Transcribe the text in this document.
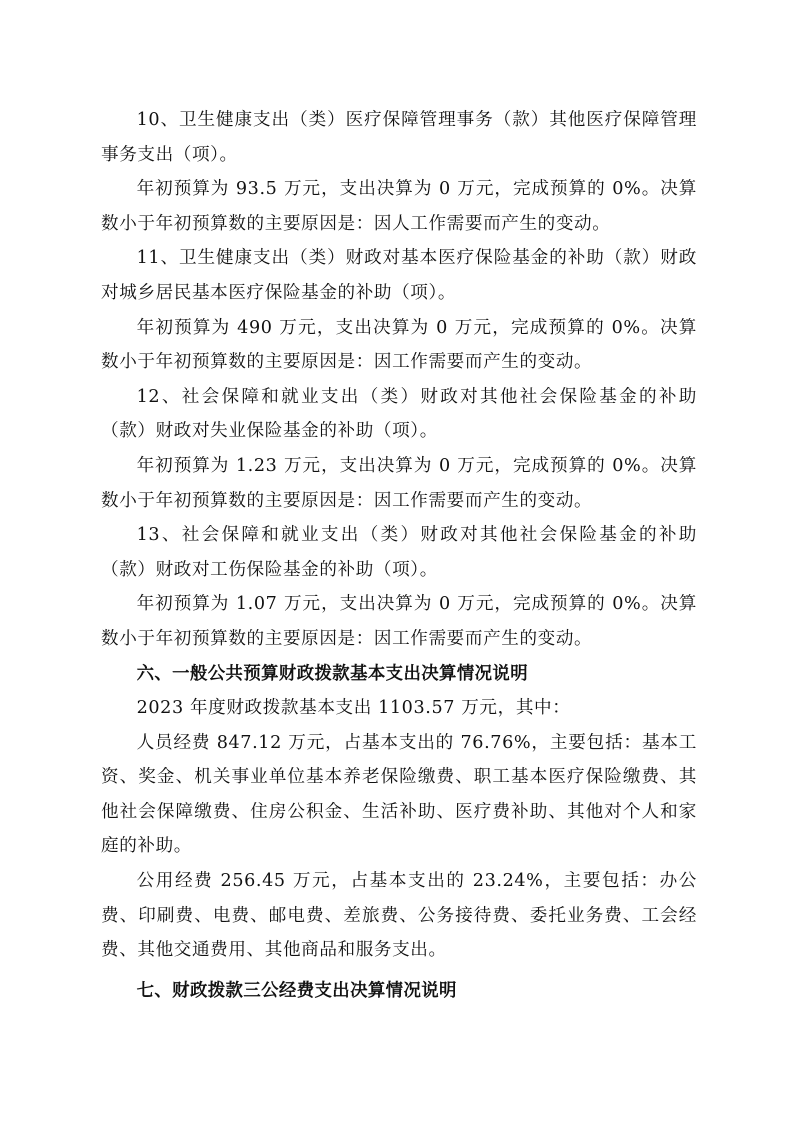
10、卫生健康支出（类）医疗保障管理事务（款）其他医疗保障管理事务支出（项）。

年初预算为 93.5 万元，支出决算为 0 万元，完成预算的 0%。决算数小于年初预算数的主要原因是：因人工作需要而产生的变动。

11、卫生健康支出（类）财政对基本医疗保险基金的补助（款）财政对城乡居民基本医疗保险基金的补助（项）。

年初预算为 490 万元，支出决算为 0 万元，完成预算的 0%。决算数小于年初预算数的主要原因是：因工作需要而产生的变动。

12、社会保障和就业支出（类）财政对其他社会保险基金的补助（款）财政对失业保险基金的补助（项）。

年初预算为 1.23 万元，支出决算为 0 万元，完成预算的 0%。决算数小于年初预算数的主要原因是：因工作需要而产生的变动。

13、社会保障和就业支出（类）财政对其他社会保险基金的补助（款）财政对工伤保险基金的补助（项）。

年初预算为 1.07 万元，支出决算为 0 万元，完成预算的 0%。决算数小于年初预算数的主要原因是：因工作需要而产生的变动。

六、一般公共预算财政拨款基本支出决算情况说明

2023 年度财政拨款基本支出 1103.57 万元，其中：

人员经费 847.12 万元，占基本支出的 76.76%，主要包括：基本工资、奖金、机关事业单位基本养老保险缴费、职工基本医疗保险缴费、其他社会保障缴费、住房公积金、生活补助、医疗费补助、其他对个人和家庭的补助。

公用经费 256.45 万元，占基本支出的 23.24%，主要包括：办公费、印刷费、电费、邮电费、差旅费、公务接待费、委托业务费、工会经费、其他交通费用、其他商品和服务支出。

七、财政拨款三公经费支出决算情况说明
